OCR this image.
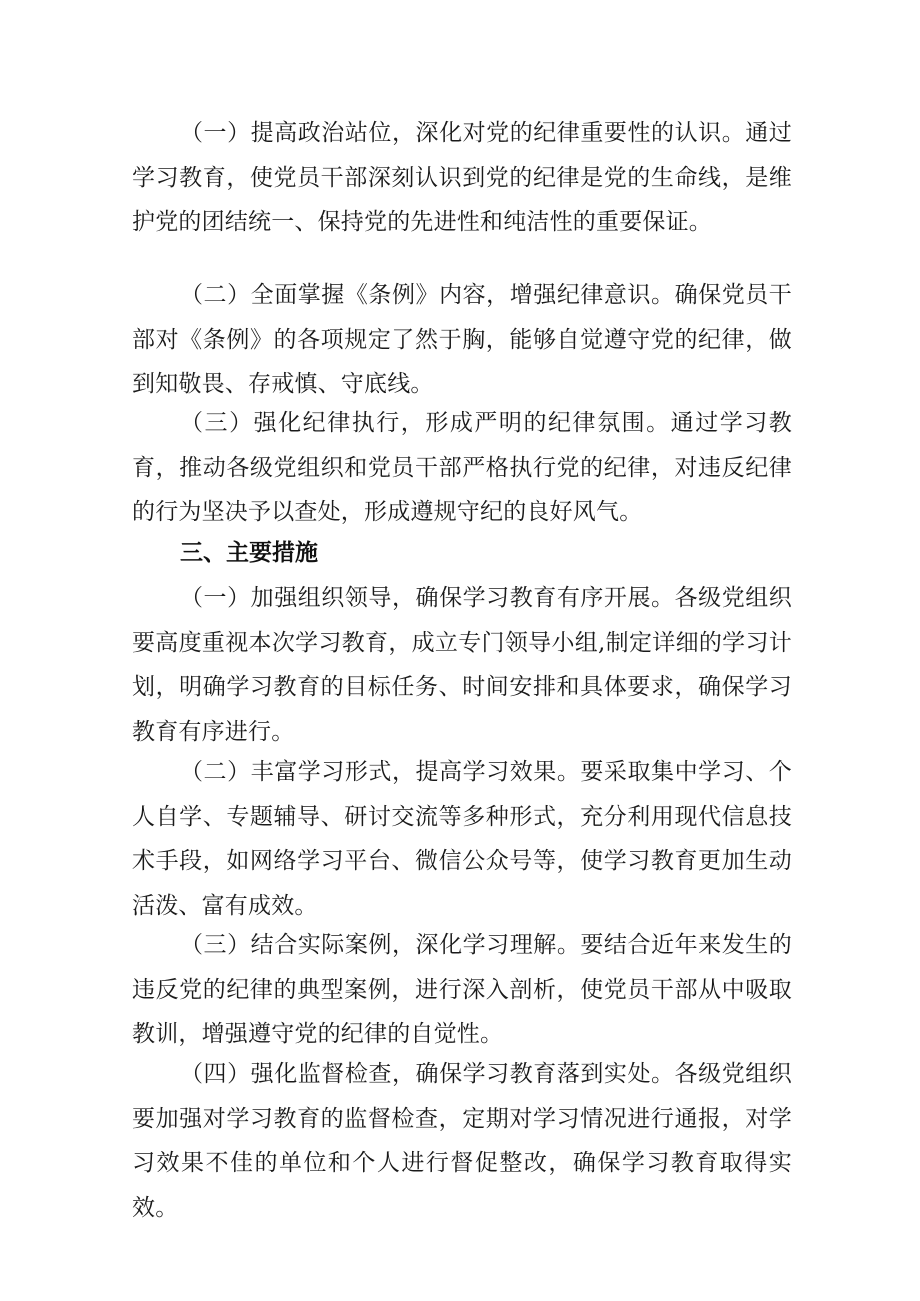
（一）提高政治站位，深化对党的纪律重要性的认识。通过学习教育，使党员干部深刻认识到党的纪律是党的生命线，是维护党的团结统一、保持党的先进性和纯洁性的重要保证。

（二）全面掌握《条例》内容，增强纪律意识。确保党员干部对《条例》的各项规定了然于胸，能够自觉遵守党的纪律，做到知敬畏、存戒慎、守底线。

（三）强化纪律执行，形成严明的纪律氛围。通过学习教育，推动各级党组织和党员干部严格执行党的纪律，对违反纪律的行为坚决予以查处，形成遵规守纪的良好风气。

三、主要措施

（一）加强组织领导，确保学习教育有序开展。各级党组织要高度重视本次学习教育，成立专门领导小组,制定详细的学习计划，明确学习教育的目标任务、时间安排和具体要求，确保学习教育有序进行。

（二）丰富学习形式，提高学习效果。要采取集中学习、个人自学、专题辅导、研讨交流等多种形式，充分利用现代信息技术手段，如网络学习平台、微信公众号等，使学习教育更加生动活泼、富有成效。

（三）结合实际案例，深化学习理解。要结合近年来发生的违反党的纪律的典型案例，进行深入剖析，使党员干部从中吸取教训，增强遵守党的纪律的自觉性。

（四）强化监督检查，确保学习教育落到实处。各级党组织要加强对学习教育的监督检查，定期对学习情况进行通报，对学习效果不佳的单位和个人进行督促整改，确保学习教育取得实效。
